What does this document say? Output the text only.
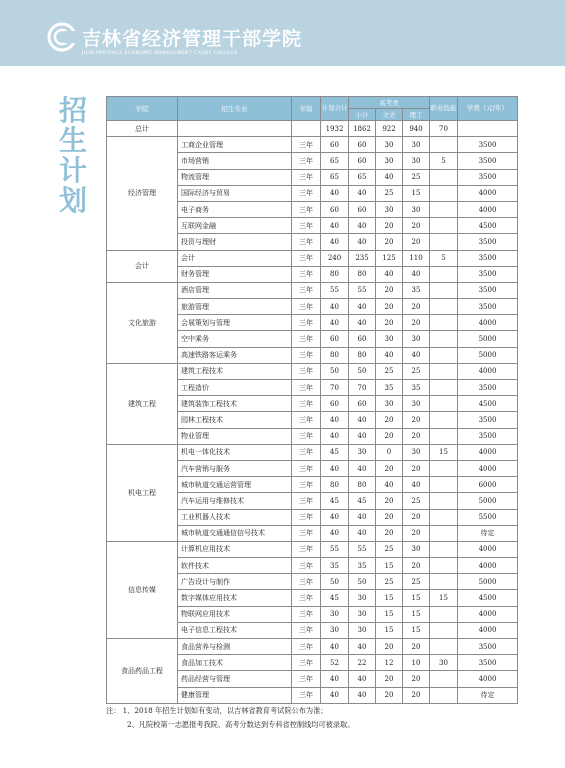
吉林省经济管理干部学院
JILIN PROVINCE ECONOMIC MANAGEMENT CADRE COLLEGE
招
生
计
划
学院	招生专业	学制	计划合计	高考类			职业技能	学费（元/年）
				小计	文史	理工		
总计			1932	1862	922	940	70	
经济管理	工商企业管理	三年	60	60	30	30		3500
	市场营销	三年	65	60	30	30	5	3500
	物流管理	三年	65	65	40	25		3500
	国际经济与贸易	三年	40	40	25	15		4000
	电子商务	三年	60	60	30	30		4000
	互联网金融	三年	40	40	20	20		4500
	投资与理财	三年	40	40	20	20		3500
会计	会计	三年	240	235	125	110	5	3500
	财务管理	三年	80	80	40	40		3500
文化旅游	酒店管理	三年	55	55	20	35		3500
	旅游管理	三年	40	40	20	20		3500
	会展策划与管理	三年	40	40	20	20		4000
	空中乘务	三年	60	60	30	30		5000
	高速铁路客运乘务	三年	80	80	40	40		5000
建筑工程	建筑工程技术	三年	50	50	25	25		4000
	工程造价	三年	70	70	35	35		3500
	建筑装饰工程技术	三年	60	60	30	30		4500
	园林工程技术	三年	40	40	20	20		3500
	物业管理	三年	40	40	20	20		3500
机电工程	机电一体化技术	三年	45	30	0	30	15	4000
	汽车营销与服务	三年	40	40	20	20		4000
	城市轨道交通运营管理	三年	80	80	40	40		6000
	汽车运用与维修技术	三年	45	45	20	25		5000
	工业机器人技术	三年	40	40	20	20		5500
	城市轨道交通通信信号技术	三年	40	40	20	20		待定
信息传媒	计算机应用技术	三年	55	55	25	30		4000
	软件技术	三年	35	35	15	20		4000
	广告设计与制作	三年	50	50	25	25		5000
	数字媒体应用技术	三年	45	30	15	15	15	4500
	物联网应用技术	三年	30	30	15	15		4000
	电子信息工程技术	三年	30	30	15	15		4000
食品药品工程	食品营养与检测	三年	40	40	20	20		3500
	食品加工技术	三年	52	22	12	10	30	3500
	药品经营与管理	三年	40	40	20	20		4000
	健康管理	三年	40	40	20	20		待定
注： 1、2018 年招生计划如有变动，以吉林省教育考试院公布为准；
2、凡院校第一志愿报考我院、高考分数达到专科省控制线均可被录取。
